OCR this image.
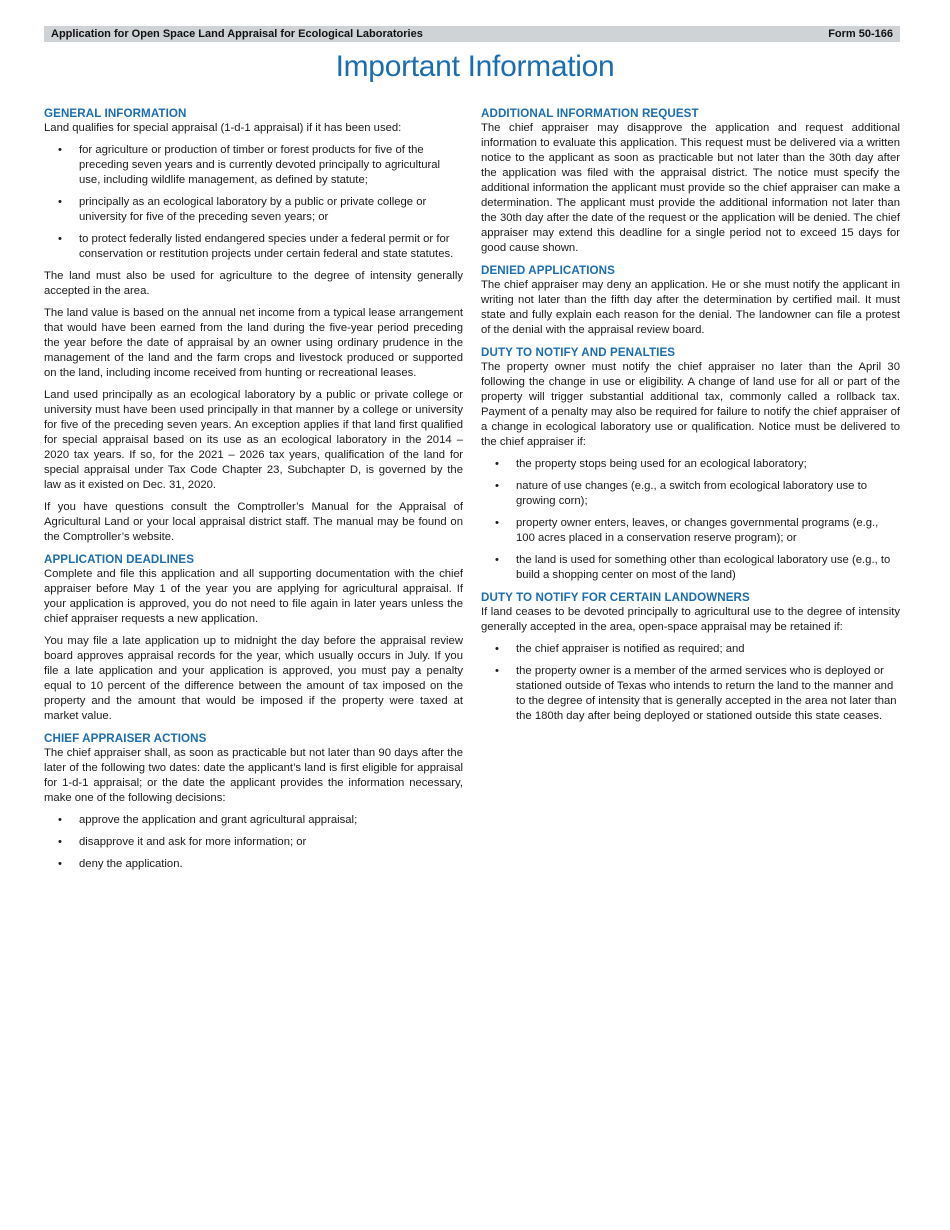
Application for Open Space Land Appraisal for Ecological Laboratories	Form 50-166
Important Information
GENERAL INFORMATION

Land qualifies for special appraisal (1-d-1 appraisal) if it has been used:

• for agriculture or production of timber or forest products for five of the preceding seven years and is currently devoted principally to agricultural use, including wildlife management, as defined by statute;
• principally as an ecological laboratory by a public or private college or university for five of the preceding seven years; or
• to protect federally listed endangered species under a federal permit or for conservation or restitution projects under certain federal and state statutes.

The land must also be used for agriculture to the degree of intensity generally accepted in the area.

The land value is based on the annual net income from a typical lease arrangement that would have been earned from the land during the five-year period preceding the year before the date of appraisal by an owner using ordinary prudence in the management of the land and the farm crops and livestock produced or supported on the land, including income received from hunting or recreational leases.

Land used principally as an ecological laboratory by a public or private college or university must have been used principally in that manner by a college or university for five of the preceding seven years. An exception applies if that land first qualified for special appraisal based on its use as an ecological laboratory in the 2014 – 2020 tax years. If so, for the 2021 – 2026 tax years, qualification of the land for special appraisal under Tax Code Chapter 23, Subchapter D, is governed by the law as it existed on Dec. 31, 2020.

If you have questions consult the Comptroller’s Manual for the Appraisal of Agricultural Land or your local appraisal district staff. The manual may be found on the Comptroller’s website.

APPLICATION DEADLINES

Complete and file this application and all supporting documentation with the chief appraiser before May 1 of the year you are applying for agricultural appraisal. If your application is approved, you do not need to file again in later years unless the chief appraiser requests a new application.

You may file a late application up to midnight the day before the appraisal review board approves appraisal records for the year, which usually occurs in July. If you file a late application and your application is approved, you must pay a penalty equal to 10 percent of the difference between the amount of tax imposed on the property and the amount that would be imposed if the property were taxed at market value.

CHIEF APPRAISER ACTIONS

The chief appraiser shall, as soon as practicable but not later than 90 days after the later of the following two dates: date the applicant’s land is first eligible for appraisal for 1-d-1 appraisal; or the date the applicant provides the information necessary, make one of the following decisions:

• approve the application and grant agricultural appraisal;
• disapprove it and ask for more information; or
• deny the application.
ADDITIONAL INFORMATION REQUEST

The chief appraiser may disapprove the application and request additional information to evaluate this application. This request must be delivered via a written notice to the applicant as soon as practicable but not later than the 30th day after the application was filed with the appraisal district. The notice must specify the additional information the applicant must provide so the chief appraiser can make a determination. The applicant must provide the additional information not later than the 30th day after the date of the request or the application will be denied. The chief appraiser may extend this deadline for a single period not to exceed 15 days for good cause shown.

DENIED APPLICATIONS

The chief appraiser may deny an application. He or she must notify the applicant in writing not later than the fifth day after the determination by certified mail. It must state and fully explain each reason for the denial. The landowner can file a protest of the denial with the appraisal review board.

DUTY TO NOTIFY AND PENALTIES

The property owner must notify the chief appraiser no later than the April 30 following the change in use or eligibility. A change of land use for all or part of the property will trigger substantial additional tax, commonly called a rollback tax. Payment of a penalty may also be required for failure to notify the chief appraiser of a change in ecological laboratory use or qualification. Notice must be delivered to the chief appraiser if:

• the property stops being used for an ecological laboratory;
• nature of use changes (e.g., a switch from ecological laboratory use to growing corn);
• property owner enters, leaves, or changes governmental programs (e.g., 100 acres placed in a conservation reserve program); or
• the land is used for something other than ecological laboratory use (e.g., to build a shopping center on most of the land)
DUTY TO NOTIFY FOR CERTAIN LANDOWNERS

If land ceases to be devoted principally to agricultural use to the degree of intensity generally accepted in the area, open-space appraisal may be retained if:

• the chief appraiser is notified as required; and
• the property owner is a member of the armed services who is deployed or stationed outside of Texas who intends to return the land to the manner and to the degree of intensity that is generally accepted in the area not later than the 180th day after being deployed or stationed outside this state ceases.
